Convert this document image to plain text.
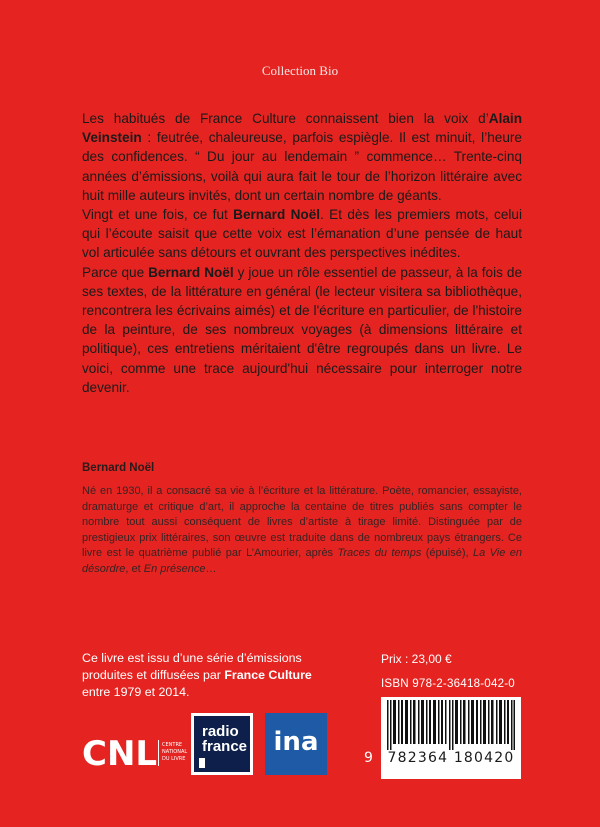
Collection Bio

Les habitués de France Culture connaissent bien la voix d’Alain Veinstein : feutrée, chaleureuse, parfois espiègle. Il est minuit, l’heure des confidences. “ Du jour au lendemain ” commence… Trente-cinq années d’émissions, voilà qui aura fait le tour de l’horizon littéraire avec huit mille auteurs invités, dont un certain nombre de géants.

Vingt et une fois, ce fut Bernard Noël. Et dès les premiers mots, celui qui l’écoute saisit que cette voix est l’émanation d’une pensée de haut vol articulée sans détours et ouvrant des perspectives inédites.

Parce que Bernard Noël y joue un rôle essentiel de passeur, à la fois de ses textes, de la littérature en général (le lecteur visitera sa bibliothèque, rencontrera les écrivains aimés) et de l'écriture en particulier, de l'histoire de la peinture, de ses nombreux voyages (à dimensions littéraire et politique), ces entretiens méritaient d'être regroupés dans un livre. Le voici, comme une trace aujourd'hui nécessaire pour interroger notre devenir.

Bernard Noël

Né en 1930, il a consacré sa vie à l’écriture et la littérature. Poète, romancier, essayiste, dramaturge et critique d’art, il approche la centaine de titres publiés sans compter le nombre tout aussi conséquent de livres d’artiste à tirage limité. Distinguée par de prestigieux prix littéraires, son œuvre est traduite dans de nombreux pays étrangers. Ce livre est le quatrième publié par L’Amourier, après Traces du temps (épuisé), La Vie en désordre, et En présence…

Ce livre est issu d’une série d’émissions produites et diffusées par France Culture entre 1979 et 2014.
Prix : 23,00 €
ISBN 978-2-36418-042-0
9	782364 180420
CNL CENTRE
NATIONAL
DU LIVRE
radio
france	ina
